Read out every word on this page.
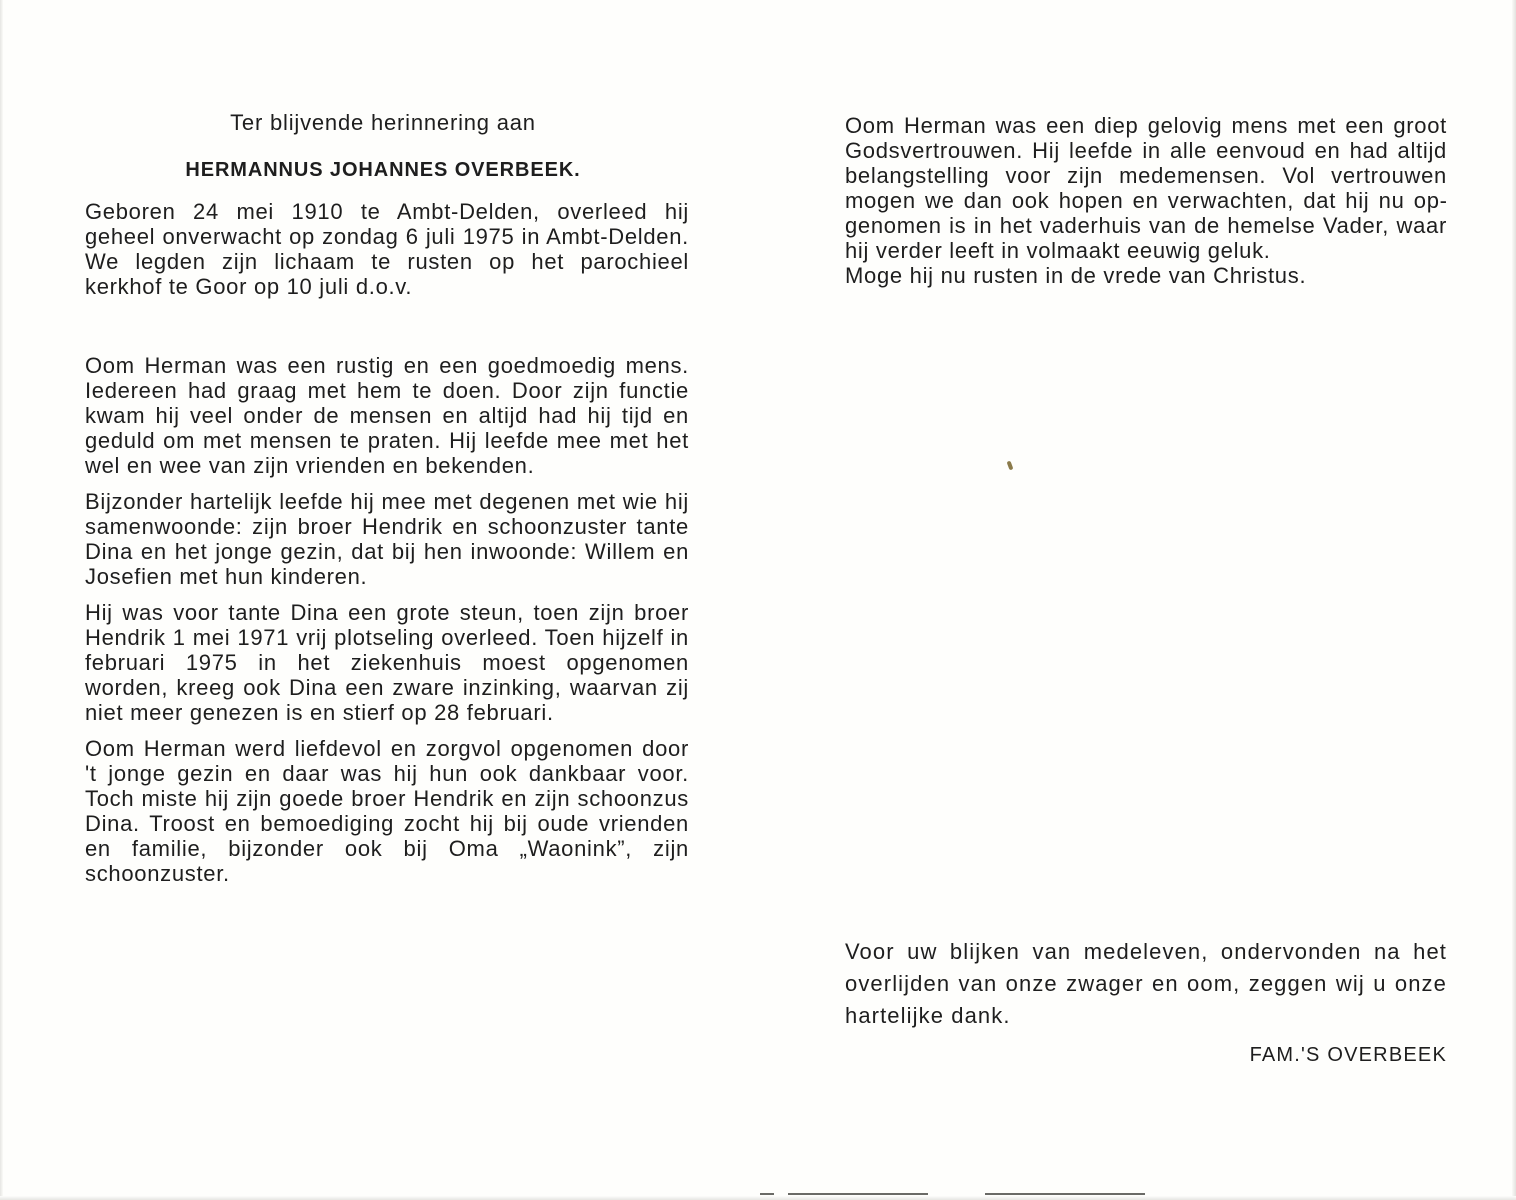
Ter blijvende herinnering aan

HERMANNUS JOHANNES OVERBEEK.

Geboren 24 mei 1910 te Ambt-Delden, overleed hij geheel onverwacht op zondag 6 juli 1975 in Ambt-Delden. We legden zijn lichaam te rusten op het parochieel kerkhof te Goor op 10 juli d.o.v.

Oom Herman was een rustig en een goedmoedig mens. Iedereen had graag met hem te doen. Door zijn functie kwam hij veel onder de mensen en altijd had hij tijd en geduld om met mensen te praten. Hij leefde mee met het wel en wee van zijn vrienden en bekenden.

Bijzonder hartelijk leefde hij mee met degenen met wie hij samenwoonde: zijn broer Hendrik en schoonzuster tante Dina en het jonge gezin, dat bij hen inwoonde: Willem en Josefien met hun kinderen.

Hij was voor tante Dina een grote steun, toen zijn broer Hendrik 1 mei 1971 vrij plotseling overleed. Toen hijzelf in februari 1975 in het ziekenhuis moest opgenomen worden, kreeg ook Dina een zware inzinking, waarvan zij niet meer genezen is en stierf op 28 februari.

Oom Herman werd liefdevol en zorgvol opgenomen door 't jonge gezin en daar was hij hun ook dankbaar voor. Toch miste hij zijn goede broer Hendrik en zijn schoonzus Dina. Troost en bemoediging zocht hij bij oude vrienden en familie, bijzonder ook bij Oma „Waonink”, zijn schoonzuster.

Oom Herman was een diep gelovig mens met een groot Godsvertrouwen. Hij leefde in alle eenvoud en had altijd belangstelling voor zijn medemensen. Vol vertrouwen mogen we dan ook hopen en verwachten, dat hij nu opgenomen is in het vaderhuis van de hemelse Vader, waar hij verder leeft in volmaakt eeuwig geluk.

Moge hij nu rusten in de vrede van Christus.

Voor uw blijken van medeleven, ondervonden na het overlijden van onze zwager en oom, zeggen wij u onze hartelijke dank.

FAM.'S OVERBEEK
